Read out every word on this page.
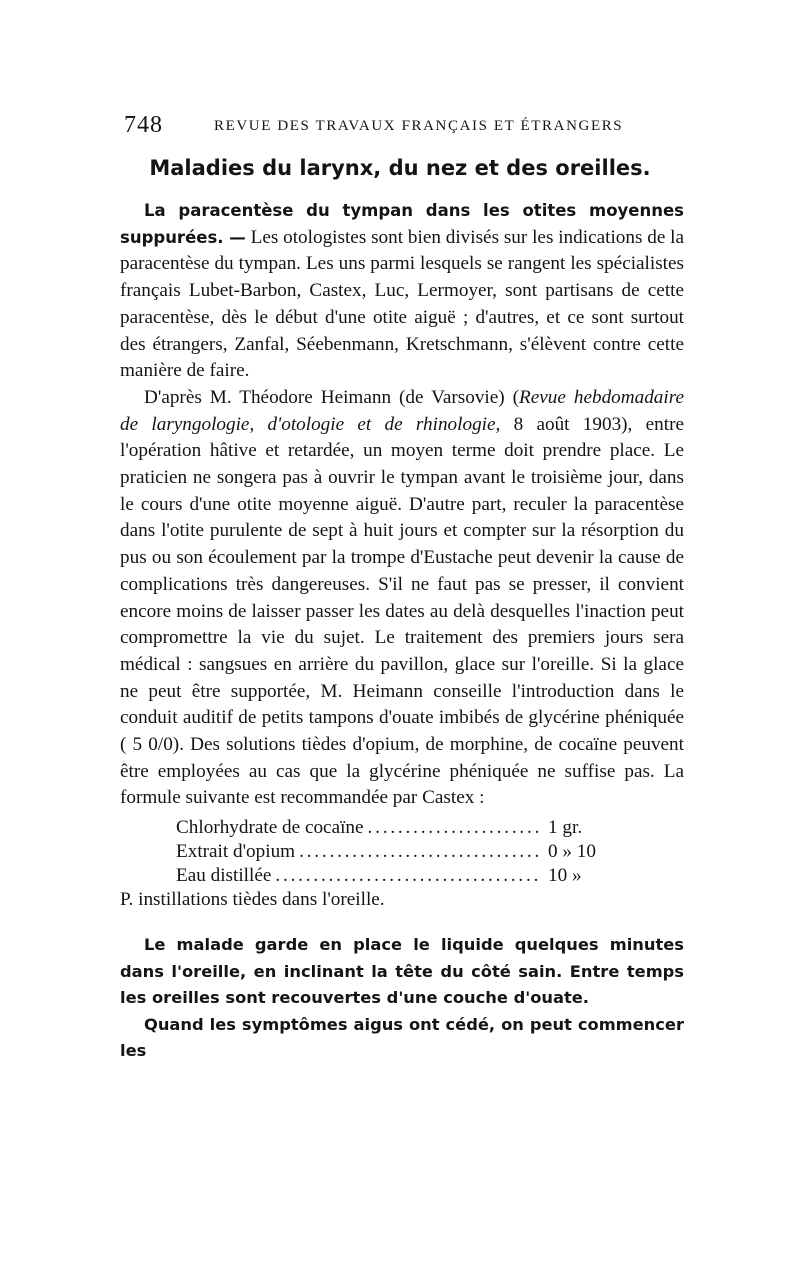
748	REVUE DES TRAVAUX FRANÇAIS ET ÉTRANGERS
Maladies du larynx, du nez et des oreilles.

La paracentèse du tympan dans les otites moyennes suppurées. — Les otologistes sont bien divisés sur les indications de la paracentèse du tympan. Les uns parmi lesquels se rangent les spécialistes français Lubet-Barbon, Castex, Luc, Lermoyer, sont partisans de cette paracentèse, dès le début d'une otite aiguë ; d'autres, et ce sont surtout des étrangers, Zanfal, Séebenmann, Kretschmann, s'élèvent contre cette manière de faire.

D'après M. Théodore Heimann (de Varsovie) (Revue hebdomadaire de laryngologie, d'otologie et de rhinologie, 8 août 1903), entre l'opération hâtive et retardée, un moyen terme doit prendre place. Le praticien ne songera pas à ouvrir le tympan avant le troisième jour, dans le cours d'une otite moyenne aiguë. D'autre part, reculer la paracentèse dans l'otite purulente de sept à huit jours et compter sur la résorption du pus ou son écoulement par la trompe d'Eustache peut devenir la cause de complications très dangereuses. S'il ne faut pas se presser, il convient encore moins de laisser passer les dates au delà desquelles l'inaction peut compromettre la vie du sujet. Le traitement des premiers jours sera médical : sangsues en arrière du pavillon, glace sur l'oreille. Si la glace ne peut être supportée, M. Heimann conseille l'introduction dans le conduit auditif de petits tampons d'ouate imbibés de glycérine phéniquée ( 5 0/0). Des solutions tièdes d'opium, de morphine, de cocaïne peuvent être employées au cas que la glycérine phéniquée ne suffise pas. La formule suivante est recommandée par Castex :

Chlorhydrate de cocaïne . . .	1 gr.
Extrait d'opium . . .	0 » 10
Eau distillée . . .	10 »
P. instillations tièdes dans l'oreille.

Le malade garde en place le liquide quelques minutes dans l'oreille, en inclinant la tête du côté sain. Entre temps les oreilles sont recouvertes d'une couche d'ouate.

Quand les symptômes aigus ont cédé, on peut commencer les
